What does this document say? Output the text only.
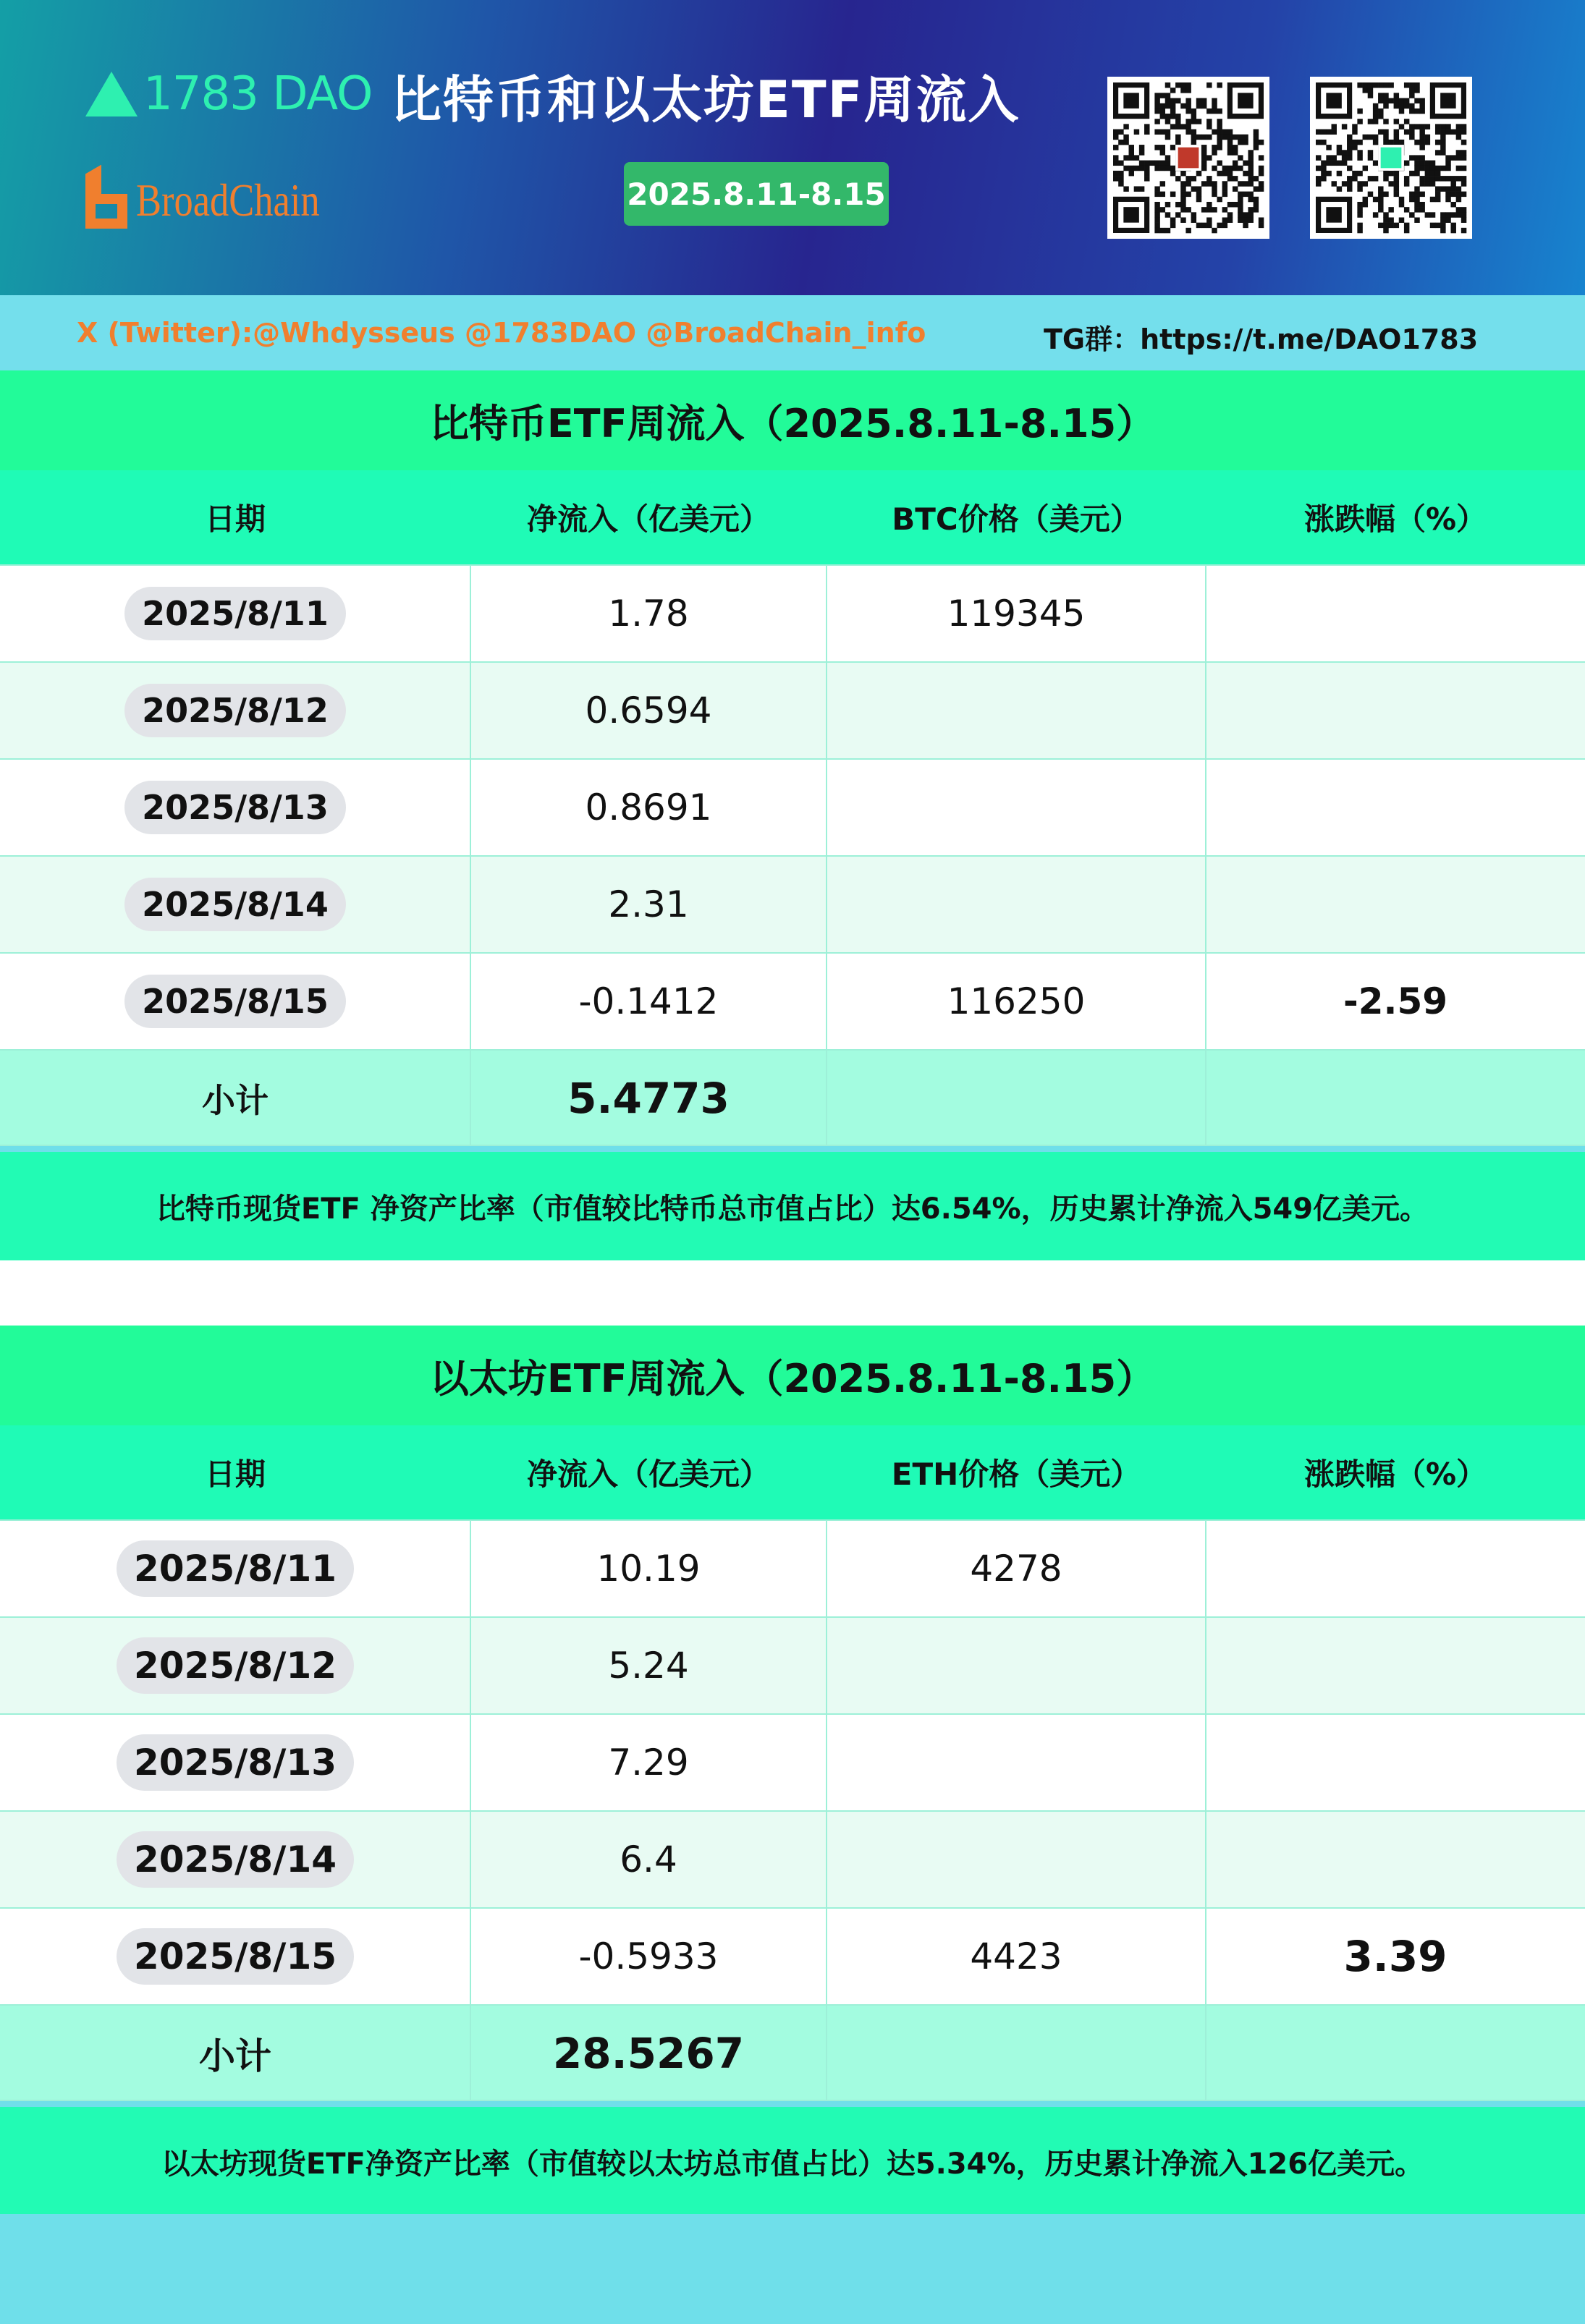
1783 DAO
BroadChain
比特币和以太坊ETF周流入
2025.8.11-8.15
X (Twitter):@Whdysseus @1783DAO @BroadChain_info	TG群：https://t.me/DAO1783
比特币ETF周流入（2025.8.11-8.15）
日期	净流入（亿美元）	BTC价格（美元）	涨跌幅（%）
2025/8/11	1.78	119345
2025/8/12	0.6594
2025/8/13	0.8691
2025/8/14	2.31
2025/8/15	-0.1412	116250	-2.59
小计	5.4773
比特币现货ETF 净资产比率（市值较比特币总市值占比）达6.54%，历史累计净流入549亿美元。
以太坊ETF周流入（2025.8.11-8.15）
日期	净流入（亿美元）	ETH价格（美元）	涨跌幅（%）
2025/8/11	10.19	4278
2025/8/12	5.24
2025/8/13	7.29
2025/8/14	6.4
2025/8/15	-0.5933	4423	3.39
小计	28.5267
以太坊现货ETF净资产比率（市值较以太坊总市值占比）达5.34%，历史累计净流入126亿美元。
